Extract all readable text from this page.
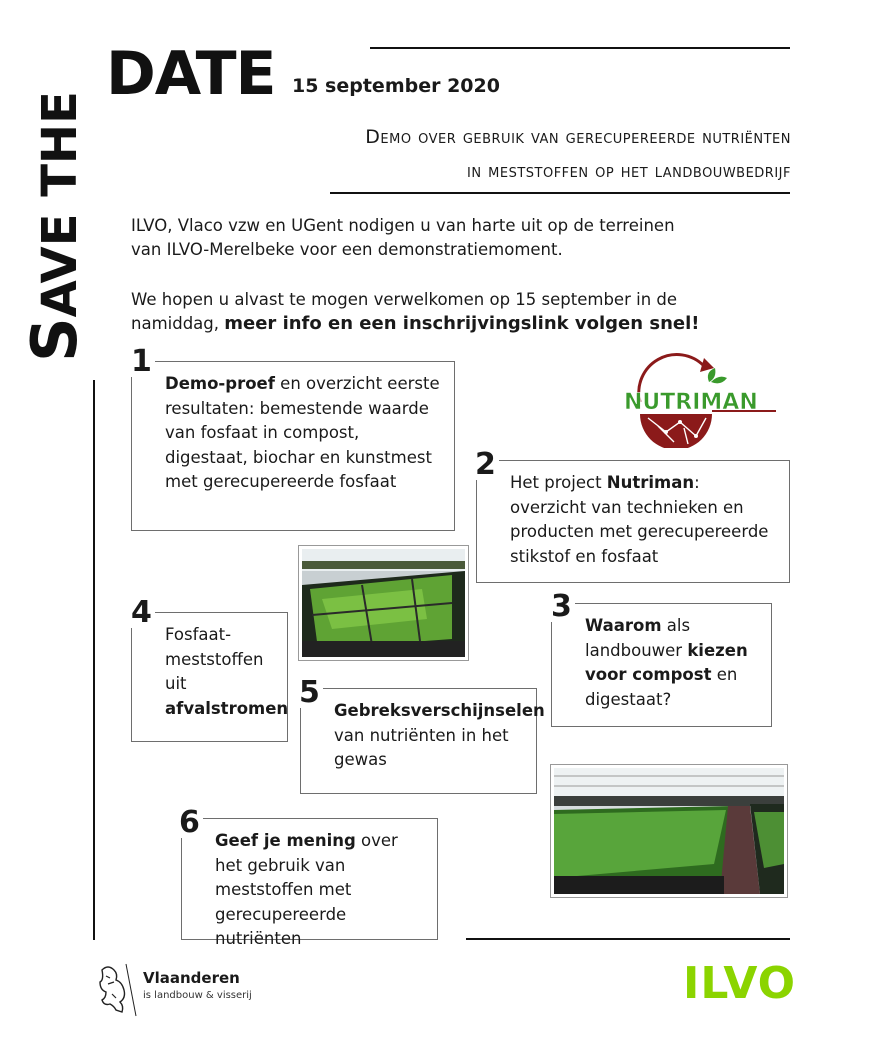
SAVE THE
DATE 15 september 2020
Demo over gebruik van gerecupereerde nutriënten
in meststoffen op het landbouwbedrijf
ILVO, Vlaco vzw en UGent nodigen u van harte uit op de terreinen
van ILVO-Merelbeke voor een demonstratiemoment.
We hopen u alvast te mogen verwelkomen op 15 september in de
namiddag, meer info en een inschrijvingslink volgen snel!
Demo-proef en overzicht eerste resultaten: bemestende waarde van fosfaat in compost, digestaat, biochar en kunstmest met gerecupereerde fosfaat
1
NUTRIMAN
Het project Nutriman: overzicht van technieken en producten met gerecupereerde stikstof en fosfaat
2
Fosfaat-meststoffen uit afvalstromen
4	Waarom als landbouwer kiezen voor compost en digestaat?
3
Gebreksverschijnselen van nutriënten in het gewas
5
Geef je mening over het gebruik van meststoffen met gerecupereerde nutriënten
6
Vlaanderen
is landbouw & visserij	ILVO
